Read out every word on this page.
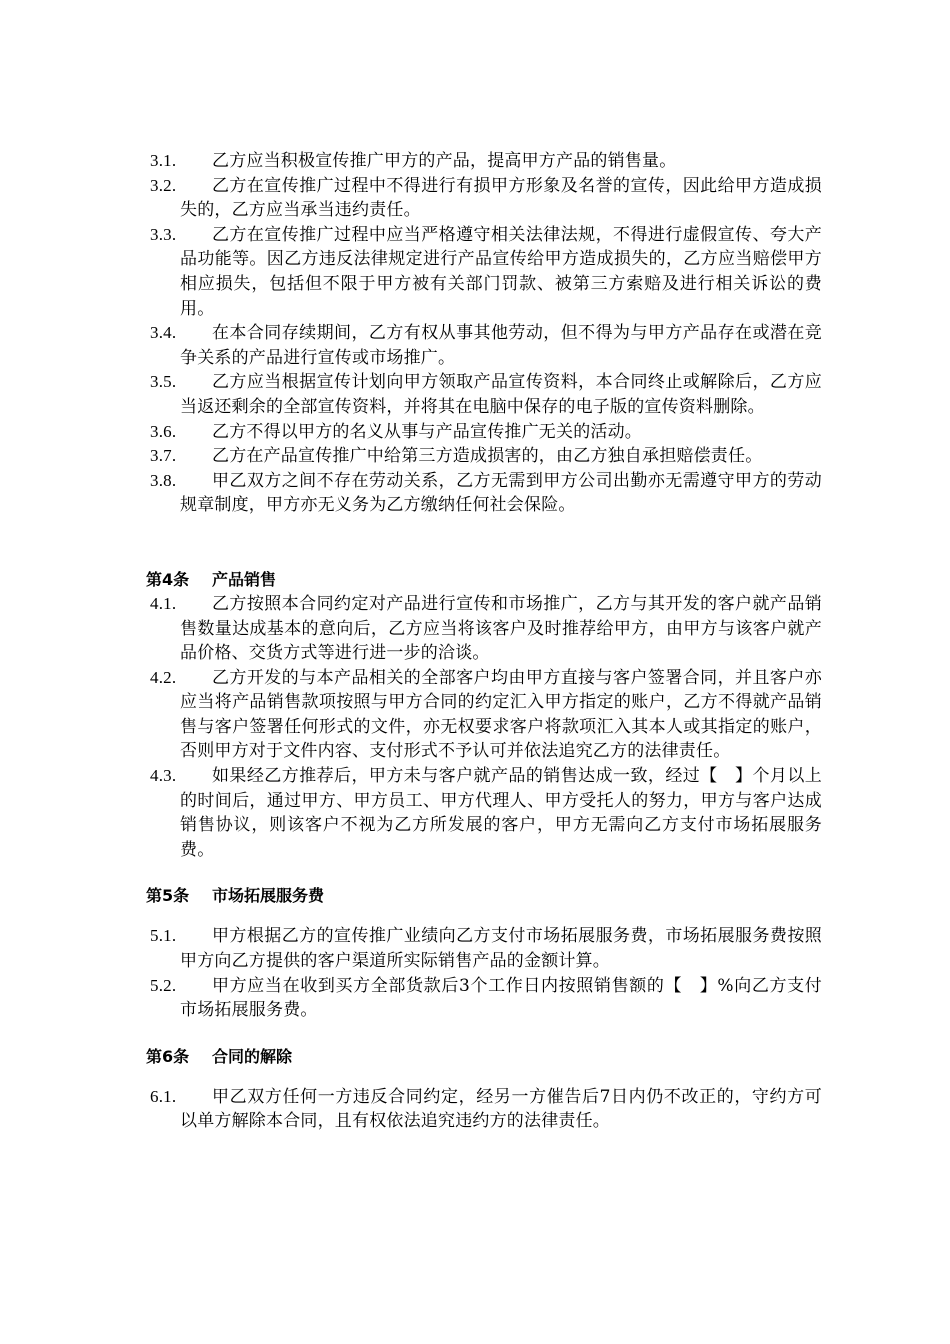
3.1.	乙方应当积极宣传推广甲方的产品，提高甲方产品的销售量。
3.2.	乙方在宣传推广过程中不得进行有损甲方形象及名誉的宣传，因此给甲方造成损失的，乙方应当承当违约责任。
3.3.	乙方在宣传推广过程中应当严格遵守相关法律法规，不得进行虚假宣传、夸大产品功能等。因乙方违反法律规定进行产品宣传给甲方造成损失的，乙方应当赔偿甲方相应损失，包括但不限于甲方被有关部门罚款、被第三方索赔及进行相关诉讼的费用。
3.4.	在本合同存续期间，乙方有权从事其他劳动，但不得为与甲方产品存在或潜在竞争关系的产品进行宣传或市场推广。
3.5.	乙方应当根据宣传计划向甲方领取产品宣传资料，本合同终止或解除后，乙方应当返还剩余的全部宣传资料，并将其在电脑中保存的电子版的宣传资料删除。
3.6.	乙方不得以甲方的名义从事与产品宣传推广无关的活动。
3.7.	乙方在产品宣传推广中给第三方造成损害的，由乙方独自承担赔偿责任。
3.8.	甲乙双方之间不存在劳动关系，乙方无需到甲方公司出勤亦无需遵守甲方的劳动规章制度，甲方亦无义务为乙方缴纳任何社会保险。
第4条 产品销售
4.1.	乙方按照本合同约定对产品进行宣传和市场推广，乙方与其开发的客户就产品销售数量达成基本的意向后，乙方应当将该客户及时推荐给甲方，由甲方与该客户就产品价格、交货方式等进行进一步的洽谈。
4.2.	乙方开发的与本产品相关的全部客户均由甲方直接与客户签署合同，并且客户亦应当将产品销售款项按照与甲方合同的约定汇入甲方指定的账户，乙方不得就产品销售与客户签署任何形式的文件，亦无权要求客户将款项汇入其本人或其指定的账户，否则甲方对于文件内容、支付形式不予认可并依法追究乙方的法律责任。
4.3.	如果经乙方推荐后，甲方未与客户就产品的销售达成一致，经过【　】个月以上的时间后，通过甲方、甲方员工、甲方代理人、甲方受托人的努力，甲方与客户达成销售协议，则该客户不视为乙方所发展的客户，甲方无需向乙方支付市场拓展服务费。
第5条 市场拓展服务费
5.1.	甲方根据乙方的宣传推广业绩向乙方支付市场拓展服务费，市场拓展服务费按照甲方向乙方提供的客户渠道所实际销售产品的金额计算。
5.2.	甲方应当在收到买方全部货款后3个工作日内按照销售额的【　】%向乙方支付市场拓展服务费。
第6条 合同的解除
6.1.	甲乙双方任何一方违反合同约定，经另一方催告后7日内仍不改正的，守约方可以单方解除本合同，且有权依法追究违约方的法律责任。
